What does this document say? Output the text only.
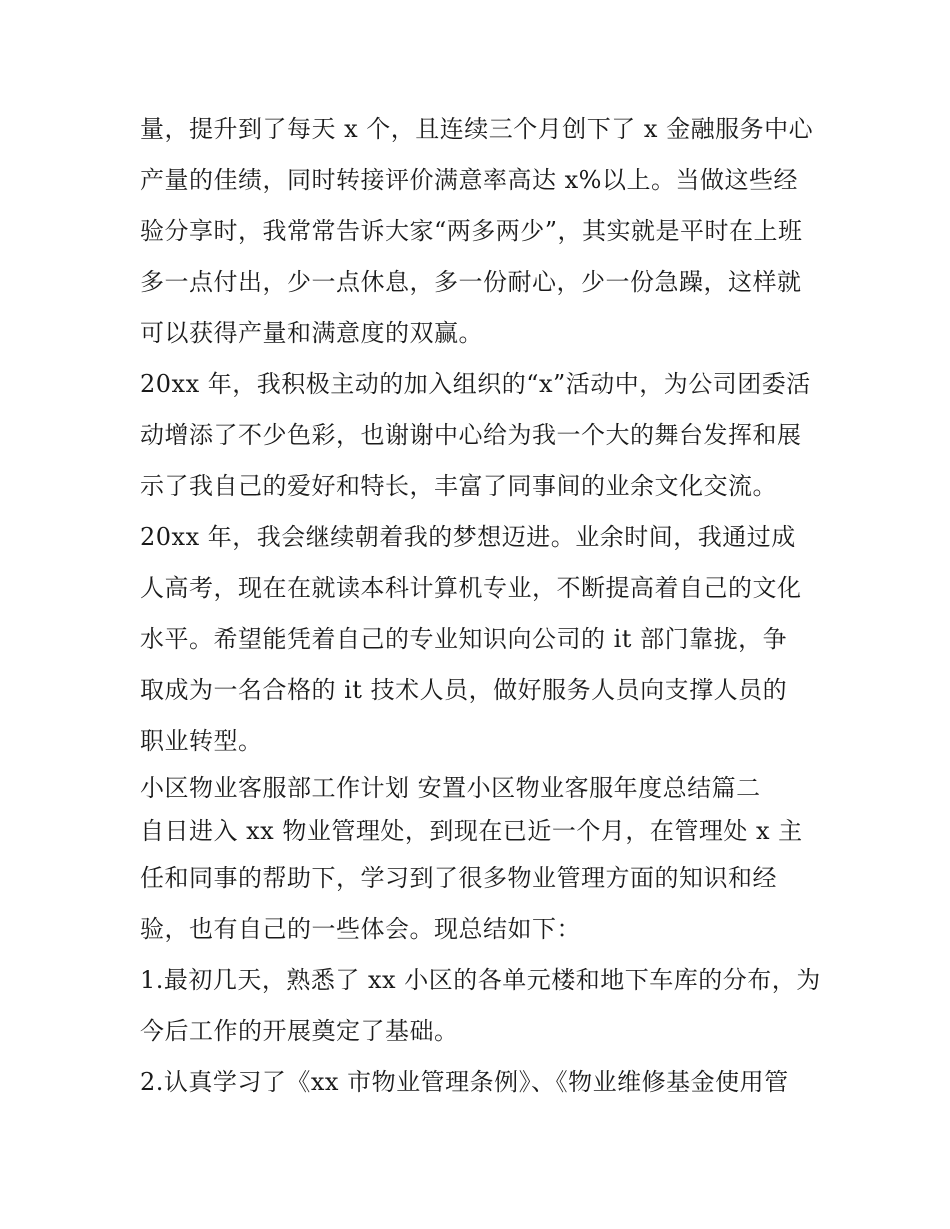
量，提升到了每天 x 个，且连续三个月创下了 x 金融服务中心

产量的佳绩，同时转接评价满意率高达 x%以上。当做这些经

验分享时，我常常告诉大家“两多两少”，其实就是平时在上班

多一点付出，少一点休息，多一份耐心，少一份急躁，这样就

可以获得产量和满意度的双赢。

20xx 年，我积极主动的加入组织的“x”活动中，为公司团委活

动增添了不少色彩，也谢谢中心给为我一个大的舞台发挥和展

示了我自己的爱好和特长，丰富了同事间的业余文化交流。

20xx 年，我会继续朝着我的梦想迈进。业余时间，我通过成

人高考，现在在就读本科计算机专业，不断提高着自己的文化

水平。希望能凭着自己的专业知识向公司的 it 部门靠拢，争

取成为一名合格的 it 技术人员，做好服务人员向支撑人员的

职业转型。

小区物业客服部工作计划 安置小区物业客服年度总结篇二

自日进入 xx 物业管理处，到现在已近一个月，在管理处 x 主

任和同事的帮助下，学习到了很多物业管理方面的知识和经

验，也有自己的一些体会。现总结如下：

1.最初几天，熟悉了 xx 小区的各单元楼和地下车库的分布，为

今后工作的开展奠定了基础。

2.认真学习了《xx 市物业管理条例》、《物业维修基金使用管
